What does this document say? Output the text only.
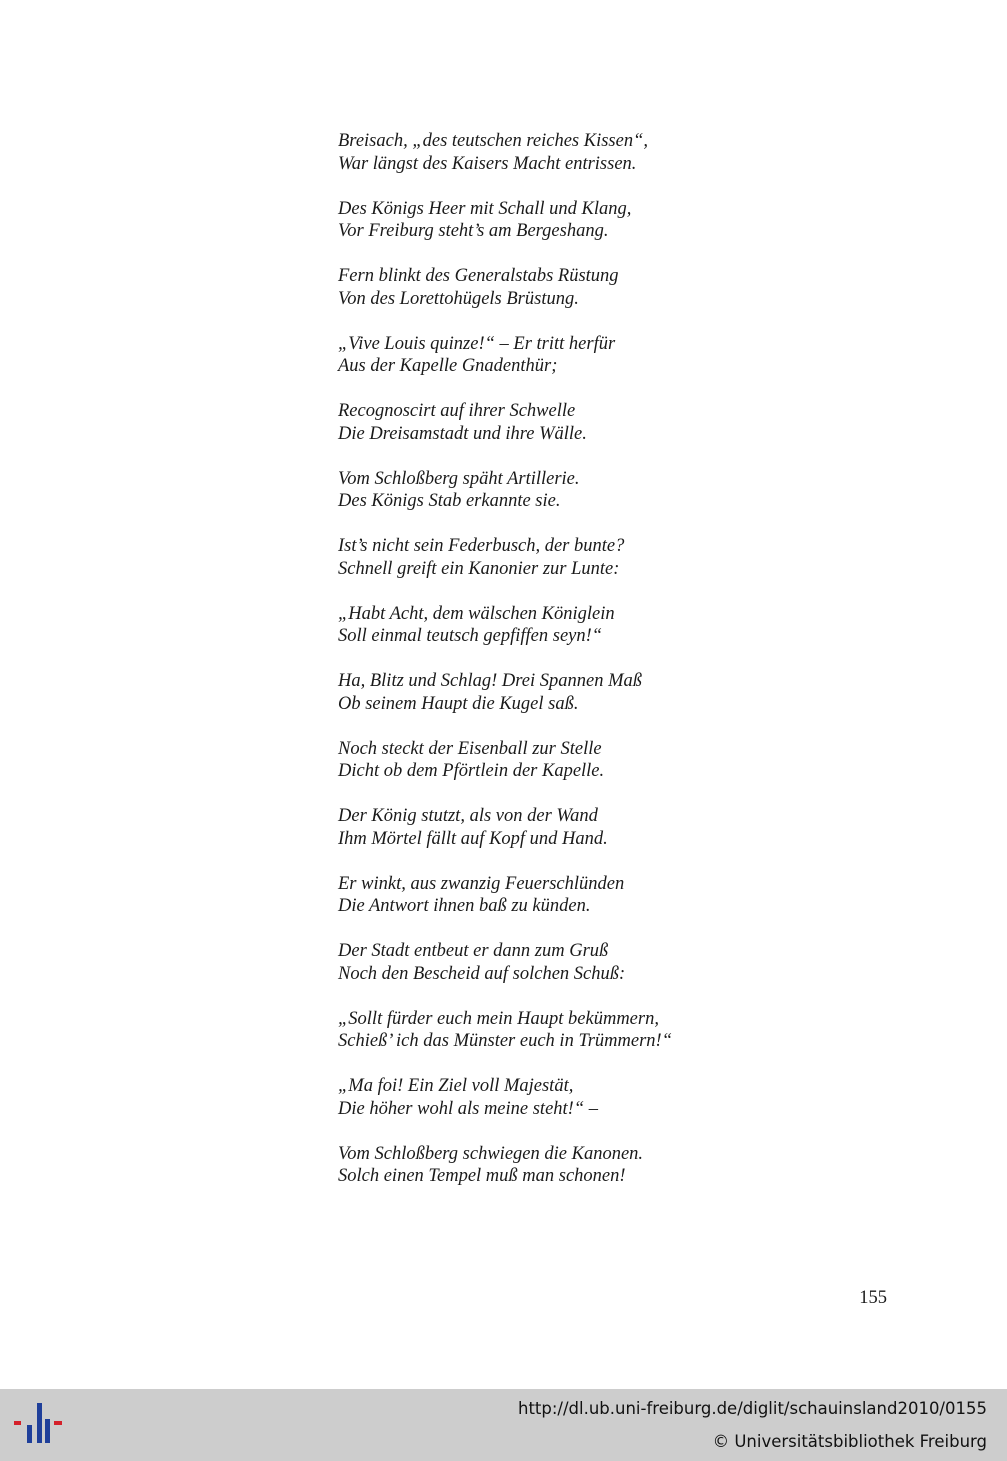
Breisach, „des teutschen reiches Kissen“,
War längst des Kaisers Macht entrissen.
Des Königs Heer mit Schall und Klang,
Vor Freiburg steht’s am Bergeshang.
Fern blinkt des Generalstabs Rüstung
Von des Lorettohügels Brüstung.
„Vive Louis quinze!“ – Er tritt herfür
Aus der Kapelle Gnadenthür;
Recognoscirt auf ihrer Schwelle
Die Dreisamstadt und ihre Wälle.
Vom Schloßberg späht Artillerie.
Des Königs Stab erkannte sie.
Ist’s nicht sein Federbusch, der bunte?
Schnell greift ein Kanonier zur Lunte:
„Habt Acht, dem wälschen Königlein
Soll einmal teutsch gepfiffen seyn!“
Ha, Blitz und Schlag! Drei Spannen Maß
Ob seinem Haupt die Kugel saß.
Noch steckt der Eisenball zur Stelle
Dicht ob dem Pförtlein der Kapelle.
Der König stutzt, als von der Wand
Ihm Mörtel fällt auf Kopf und Hand.
Er winkt, aus zwanzig Feuerschlünden
Die Antwort ihnen baß zu künden.
Der Stadt entbeut er dann zum Gruß
Noch den Bescheid auf solchen Schuß:
„Sollt fürder euch mein Haupt bekümmern,
Schieß’ ich das Münster euch in Trümmern!“
„Ma foi! Ein Ziel voll Majestät,
Die höher wohl als meine steht!“ –
Vom Schloßberg schwiegen die Kanonen.
Solch einen Tempel muß man schonen!
155
http://dl.ub.uni-freiburg.de/diglit/schauinsland2010/0155
© Universitätsbibliothek Freiburg
